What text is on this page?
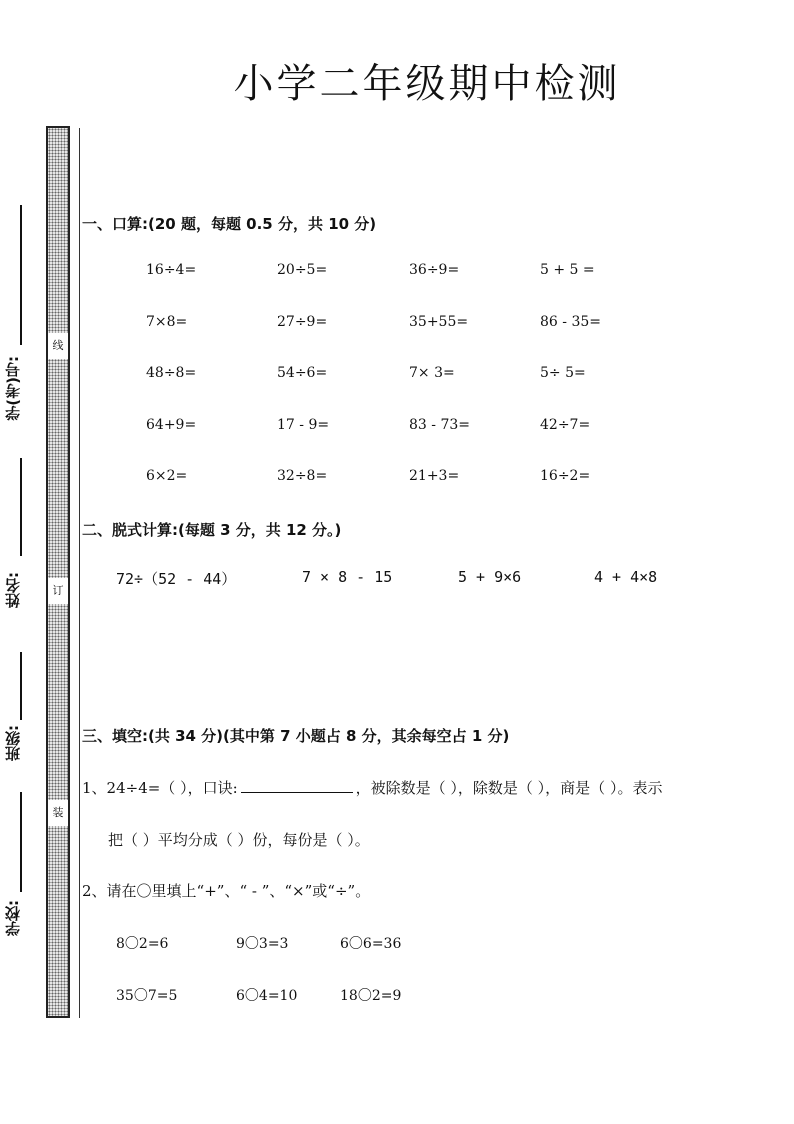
小学二年级期中检测
线
订
装
学(考)号:
姓名:
班级:
学校:
一、口算:(20 题，每题 0.5 分，共 10 分)
二、脱式计算:(每题 3 分，共 12 分。)
72÷（52 - 44）	7 × 8 - 15	5 + 9×6	4 + 4×8
三、填空:(共 34 分)(其中第 7 小题占 8 分，其余每空占 1 分)
1、24÷4=（ ），口诀:	，被除数是（ ），除数是（ ），商是（ ）。表示
把（ ）平均分成（ ）份，每份是（ ）。
2、请在〇里填上“+”、“ - ”、“×”或“÷”。
8〇2=6	9〇3=3	6〇6=36
35〇7=5	6〇4=10	18〇2=9
16÷4=	20÷5=	36÷9=	5 + 5 =
7×8=	27÷9=	35+55=	86 - 35=
48÷8=	54÷6=	7× 3=	5÷ 5=
64+9=	17 - 9=	83 - 73=	42÷7=
6×2=	32÷8=	21+3=	16÷2=
